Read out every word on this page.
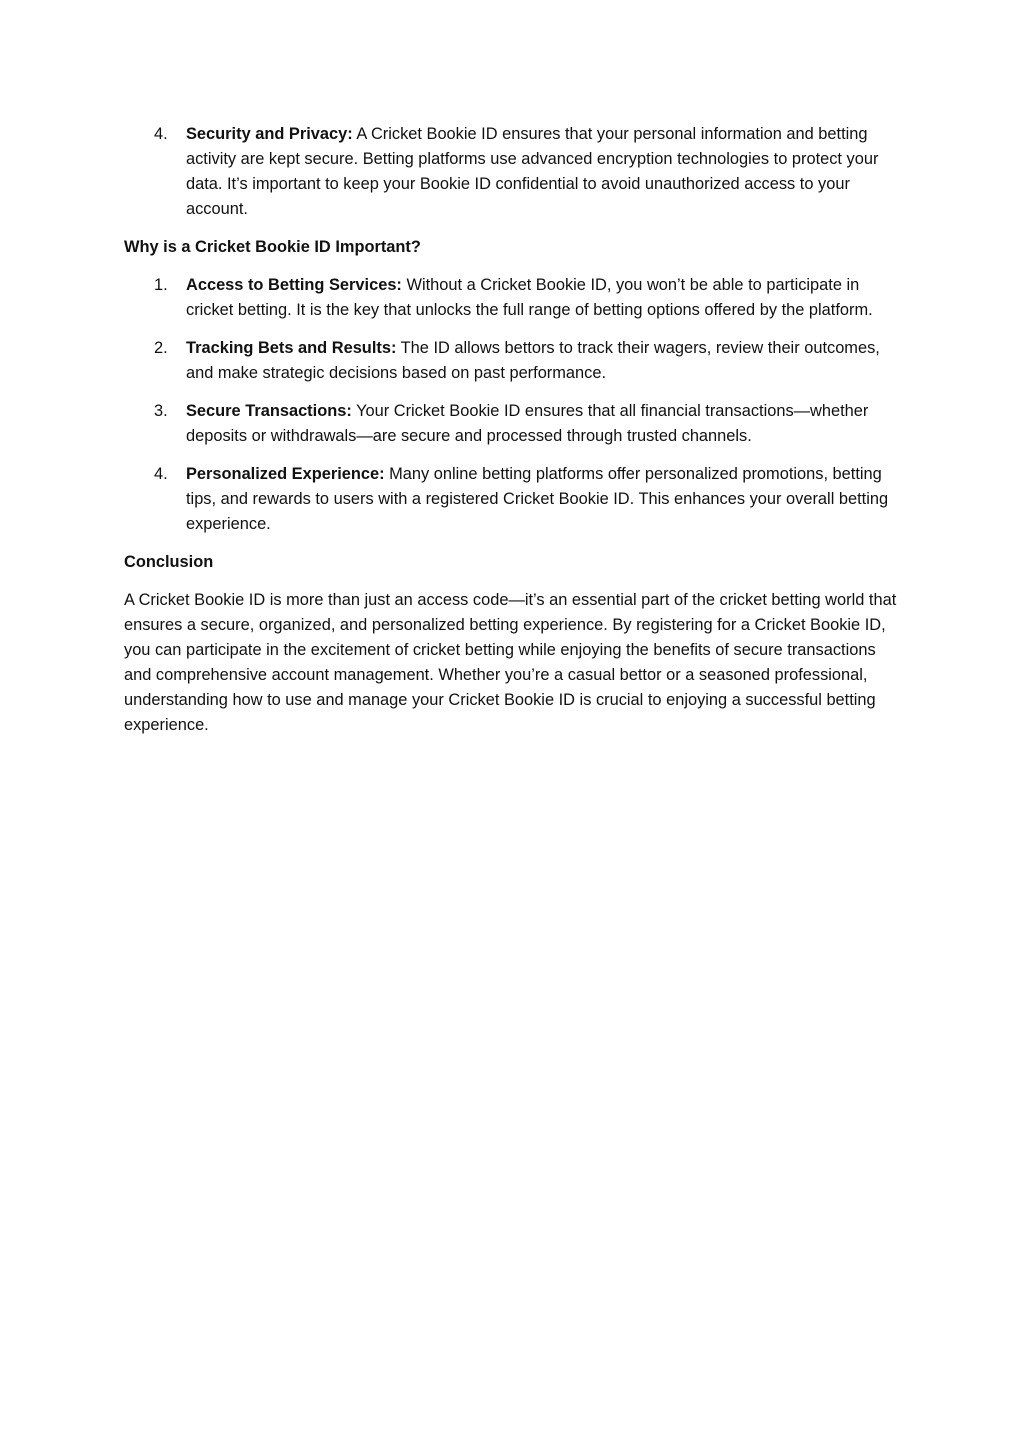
4.	Security and Privacy: A Cricket Bookie ID ensures that your personal information and betting activity are kept secure. Betting platforms use advanced encryption technologies to protect your data. It’s important to keep your Bookie ID confidential to avoid unauthorized access to your account.

Why is a Cricket Bookie ID Important?

1.	Access to Betting Services: Without a Cricket Bookie ID, you won’t be able to participate in cricket betting. It is the key that unlocks the full range of betting options offered by the platform.
2.	Tracking Bets and Results: The ID allows bettors to track their wagers, review their outcomes, and make strategic decisions based on past performance.
3.	Secure Transactions: Your Cricket Bookie ID ensures that all financial transactions—whether deposits or withdrawals—are secure and processed through trusted channels.
4.	Personalized Experience: Many online betting platforms offer personalized promotions, betting tips, and rewards to users with a registered Cricket Bookie ID. This enhances your overall betting experience.

Conclusion

A Cricket Bookie ID is more than just an access code—it’s an essential part of the cricket betting world that ensures a secure, organized, and personalized betting experience. By registering for a Cricket Bookie ID, you can participate in the excitement of cricket betting while enjoying the benefits of secure transactions and comprehensive account management. Whether you’re a casual bettor or a seasoned professional, understanding how to use and manage your Cricket Bookie ID is crucial to enjoying a successful betting experience.
